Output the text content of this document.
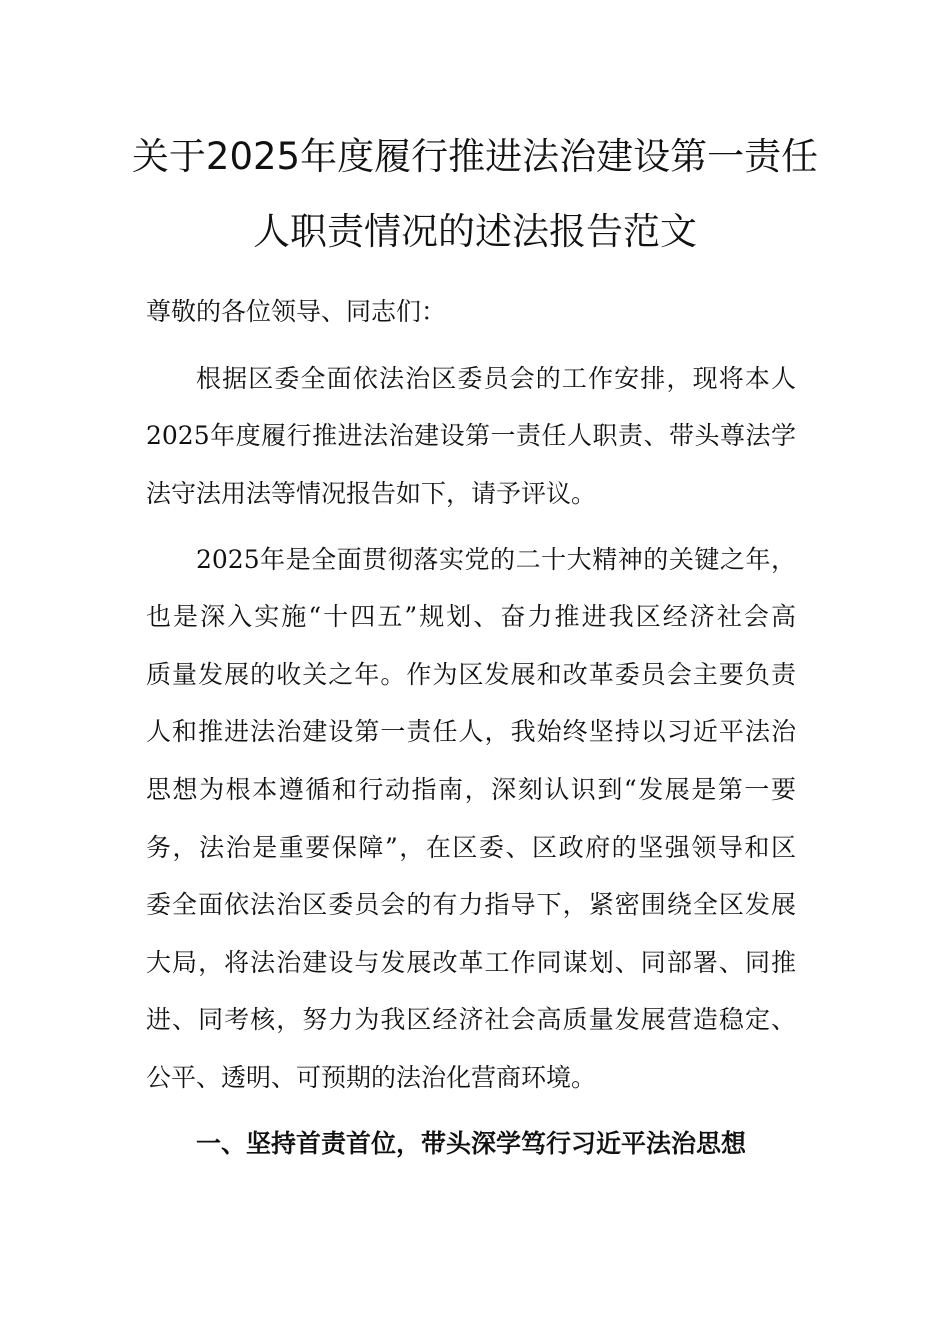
关于2025年度履行推进法治建设第一责任
人职责情况的述法报告范文

尊敬的各位领导、同志们：

根据区委全面依法治区委员会的工作安排，现将本人

2025年度履行推进法治建设第一责任人职责、带头尊法学

法守法用法等情况报告如下，请予评议。

2025年是全面贯彻落实党的二十大精神的关键之年，

也是深入实施“十四五”规划、奋力推进我区经济社会高

质量发展的收关之年。作为区发展和改革委员会主要负责

人和推进法治建设第一责任人，我始终坚持以习近平法治

思想为根本遵循和行动指南，深刻认识到“发展是第一要

务，法治是重要保障”，在区委、区政府的坚强领导和区

委全面依法治区委员会的有力指导下，紧密围绕全区发展

大局，将法治建设与发展改革工作同谋划、同部署、同推

进、同考核，努力为我区经济社会高质量发展营造稳定、

公平、透明、可预期的法治化营商环境。

一、坚持首责首位，带头深学笃行习近平法治思想
